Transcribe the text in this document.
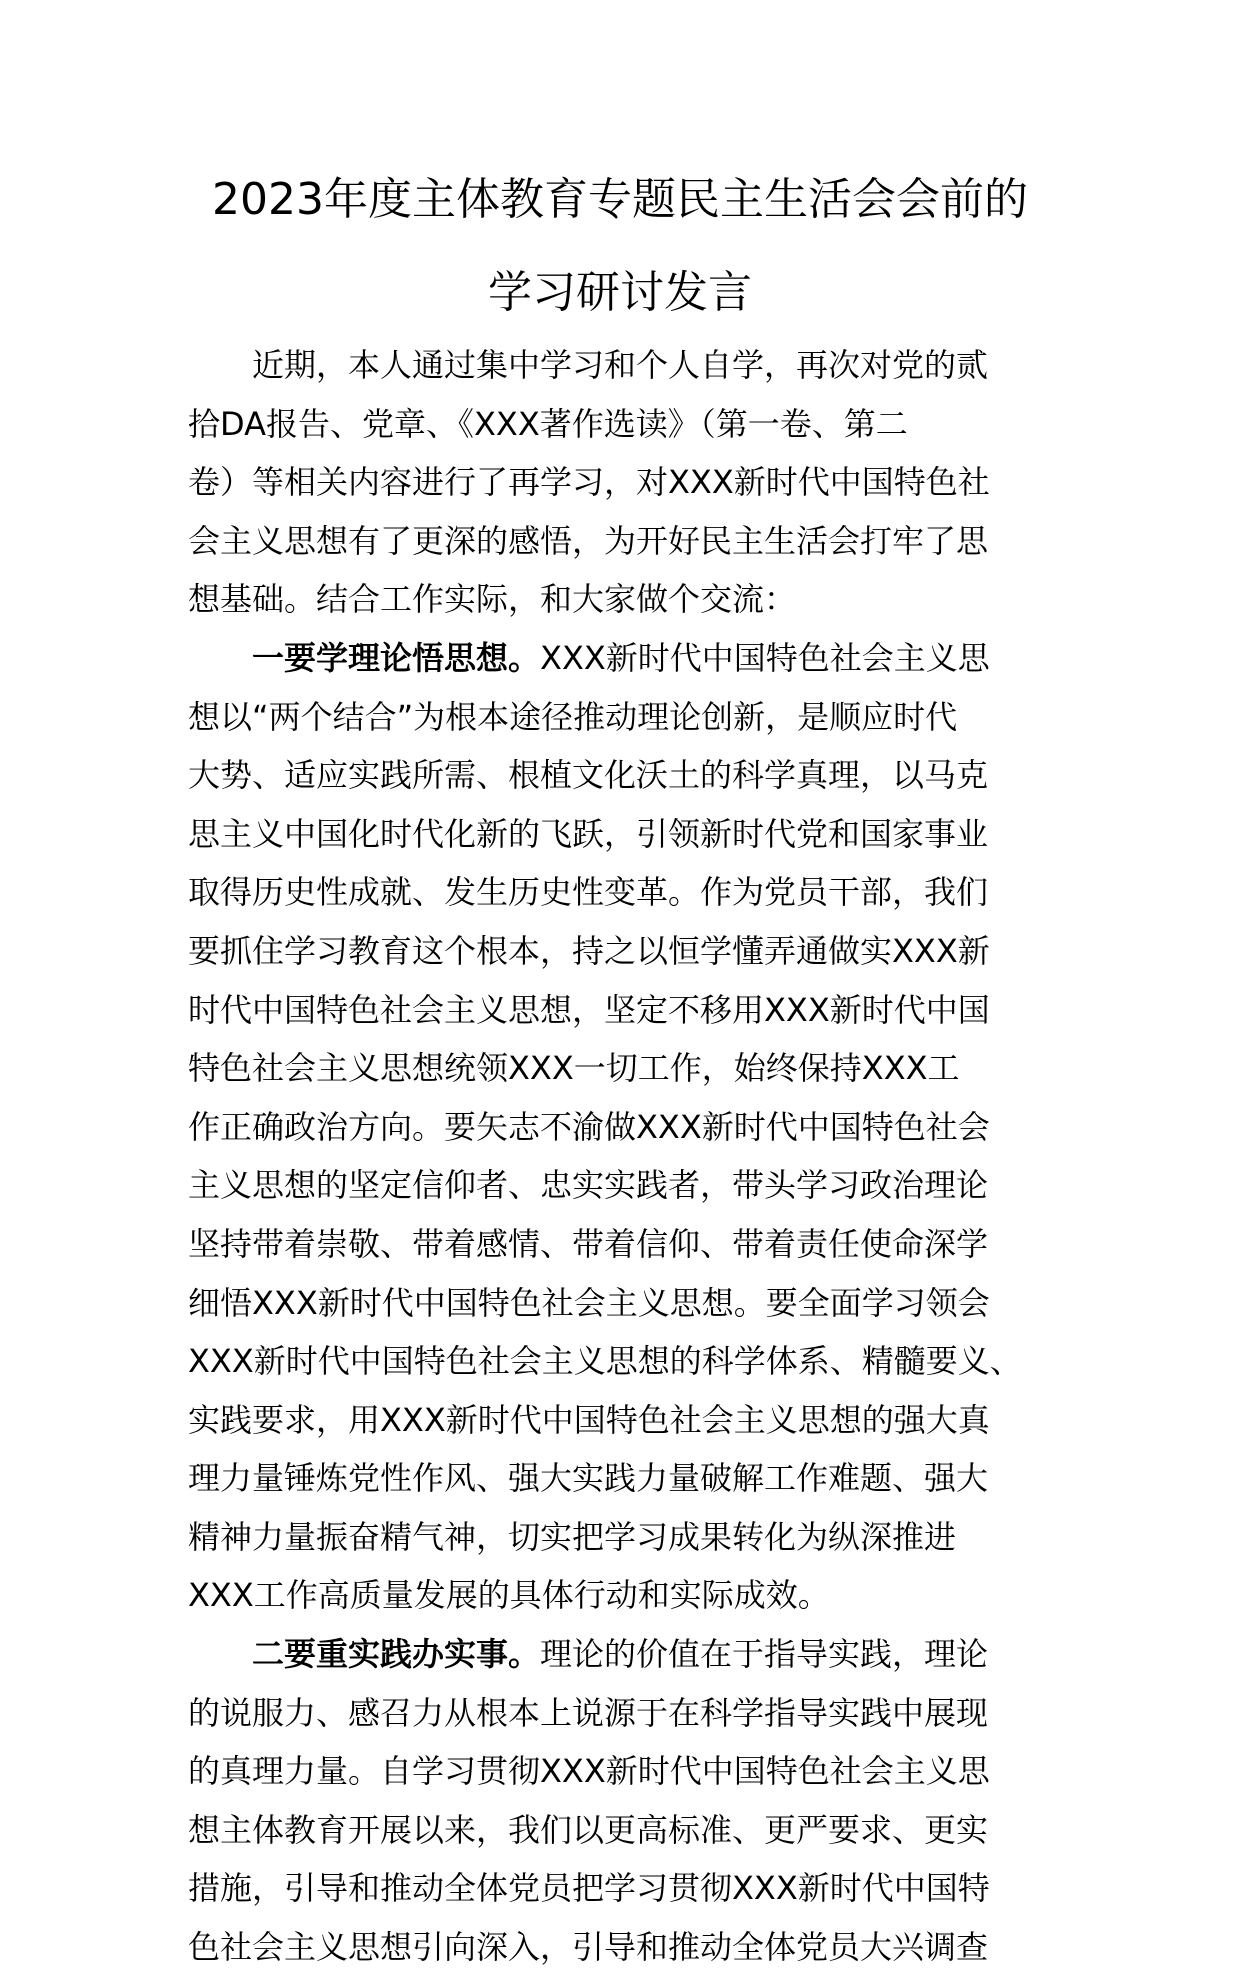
2023年度主体教育专题民主生活会会前的
学习研讨发言
近期，本人通过集中学习和个人自学，再次对党的贰
拾DA报告、党章、《XXX著作选读》（第一卷、第二
卷）等相关内容进行了再学习，对XXX新时代中国特色社
会主义思想有了更深的感悟，为开好民主生活会打牢了思
想基础。结合工作实际，和大家做个交流：
一要学理论悟思想。XXX新时代中国特色社会主义思
想以“两个结合”为根本途径推动理论创新，是顺应时代
大势、适应实践所需、根植文化沃土的科学真理，以马克
思主义中国化时代化新的飞跃，引领新时代党和国家事业
取得历史性成就、发生历史性变革。作为党员干部，我们
要抓住学习教育这个根本，持之以恒学懂弄通做实XXX新
时代中国特色社会主义思想，坚定不移用XXX新时代中国
特色社会主义思想统领XXX一切工作，始终保持XXX工
作正确政治方向。要矢志不渝做XXX新时代中国特色社会
主义思想的坚定信仰者、忠实实践者，带头学习政治理论
坚持带着崇敬、带着感情、带着信仰、带着责任使命深学
细悟XXX新时代中国特色社会主义思想。要全面学习领会
XXX新时代中国特色社会主义思想的科学体系、精髓要义、
实践要求，用XXX新时代中国特色社会主义思想的强大真
理力量锤炼党性作风、强大实践力量破解工作难题、强大
精神力量振奋精气神，切实把学习成果转化为纵深推进
XXX工作高质量发展的具体行动和实际成效。
二要重实践办实事。理论的价值在于指导实践，理论
的说服力、感召力从根本上说源于在科学指导实践中展现
的真理力量。自学习贯彻XXX新时代中国特色社会主义思
想主体教育开展以来，我们以更高标准、更严要求、更实
措施，引导和推动全体党员把学习贯彻XXX新时代中国特
色社会主义思想引向深入，引导和推动全体党员大兴调查
